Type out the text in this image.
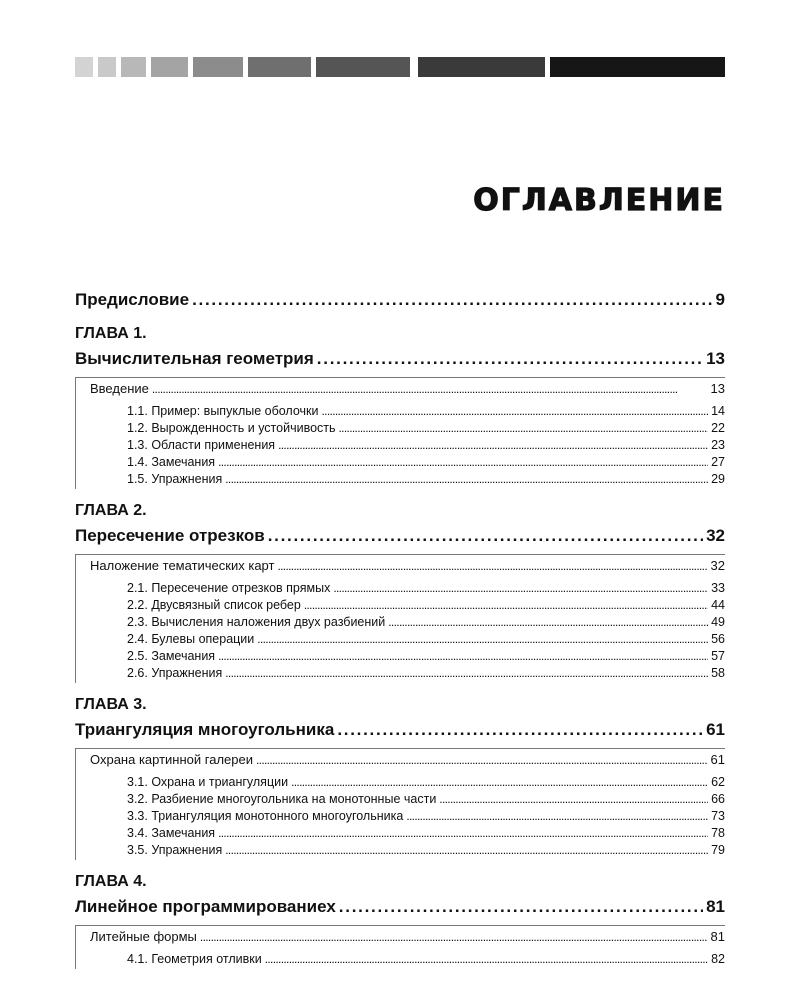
ОГЛАВЛЕНИЕ
Предисловие . . .	9
ГЛАВА 1.
Вычислительная геометрия . . .	13
Введение . . .	13
1.1. Пример: выпуклые оболочки . . .	14
1.2. Вырожденность и устойчивость . . .	22
1.3. Области применения . . .	23
1.4. Замечания . . .	27
1.5. Упражнения . . .	29
ГЛАВА 2.
Пересечение отрезков . . .	32
Наложение тематических карт . . .	32
2.1. Пересечение отрезков прямых . . .	33
2.2. Двусвязный список ребер . . .	44
2.3. Вычисления наложения двух разбиений . . .	49
2.4. Булевы операции . . .	56
2.5. Замечания . . .	57
2.6. Упражнения . . .	58
ГЛАВА 3.
Триангуляция многоугольника . . .	61
Охрана картинной галереи . . .	61
3.1. Охрана и триангуляции . . .	62
3.2. Разбиение многоугольника на монотонные части . . .	66
3.3. Триангуляция монотонного многоугольника . . .	73
3.4. Замечания . . .	78
3.5. Упражнения . . .	79
ГЛАВА 4.
Линейное программированиех . . .	81
Литейные формы . . .	81
4.1. Геометрия отливки . . .	82
